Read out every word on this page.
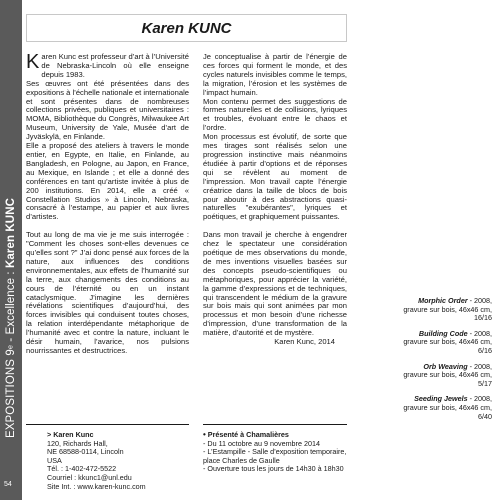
EXPOSITIONS 9
e
- Excellence :
Karen KUNC
54
Karen KUNC

Karen Kunc est professeur d’art à l’Université de Nebraska-Lincoln où elle enseigne depuis 1983.

Ses œuvres ont été présentées dans des expositions à l’échelle nationale et internationale et sont présentes dans de nombreuses collections privées, publiques et universitaires : MOMA, Bibliothèque du Congrès, Milwaukee Art Museum, University de Yale, Musée d’art de Jyväskylä, en Finlande.

Elle a proposé des ateliers à travers le monde entier, en Egypte, en Italie, en Finlande, au Bangladesh, en Pologne, au Japon, en France, au Mexique, en Islande ; et elle a donné des conférences en tant qu’artiste invitée à plus de 200 institutions. En 2014, elle a créé « Constellation Studios » à Lincoln, Nebraska, consacré à l’estampe, au papier et aux livres d’artistes.

Tout au long de ma vie je me suis interrogée : "Comment les choses sont-elles devenues ce qu’elles sont ?" J’ai donc pensé aux forces de la nature, aux influences des conditions environnementales, aux effets de l’humanité sur la terre, aux changements des conditions au cours de l’éternité ou en un instant cataclysmique. J’imagine les dernières révélations scientifiques d’aujourd’hui, des forces invisibles qui conduisent toutes choses, la relation interdépendante métaphorique de l’humanité avec et contre la nature, incluant le désir humain, l’avarice, nos pulsions nourrissantes et destructrices.

Je conceptualise à partir de l’énergie de ces forces qui forment le monde, et des cycles naturels invisibles comme le temps, la migration, l’érosion et les systèmes de l’impact humain.

Mon contenu permet des suggestions de formes naturelles et de collisions, lyriques et troubles, évoluant entre le chaos et l’ordre.

Mon processus est évolutif, de sorte que mes tirages sont réalisés selon une progression instinctive mais néanmoins étudiée à partir d’options et de réponses qui se révèlent au moment de l’impression. Mon travail capte l’énergie créatrice dans la taille de blocs de bois pour aboutir à des abstractions quasi-naturelles "exubérantes", lyriques et poétiques, et graphiquement puissantes.

Dans mon travail je cherche à engendrer chez le spectateur une considération poétique de mes observations du monde, de mes inventions visuelles basées sur des concepts pseudo-scientifiques ou métaphoriques, pour apprécier la variété, la gamme d’expressions et de techniques, qui transcendent le médium de la gravure sur bois mais qui sont animées par mon processus et mon besoin d’une richesse d’impression, d’une transformation de la matière, d’autorité et de mystère.

Karen Kunc, 2014

Morphic Order - 2008,
gravure sur bois, 46x46 cm,
16/16
Building Code - 2008,
gravure sur bois, 46x46 cm,
6/16
Orb Weaving - 2008,
gravure sur bois, 46x46 cm,
5/17
Seeding Jewels - 2008,
gravure sur bois, 46x46 cm,
6/40
> Karen Kunc
120, Richards Hall,
NE 68588-0114, Lincoln
USA
Tél. : 1-402-472-5522
Courriel : kkunc1@unl.edu
Site Int. : www.karen-kunc.com
• Présenté à Chamalières
- Du 11 octobre au 9 novembre 2014
- L’Estampille - Salle d’exposition temporaire,
place Charles de Gaulle
- Ouverture tous les jours de 14h30 à 18h30
